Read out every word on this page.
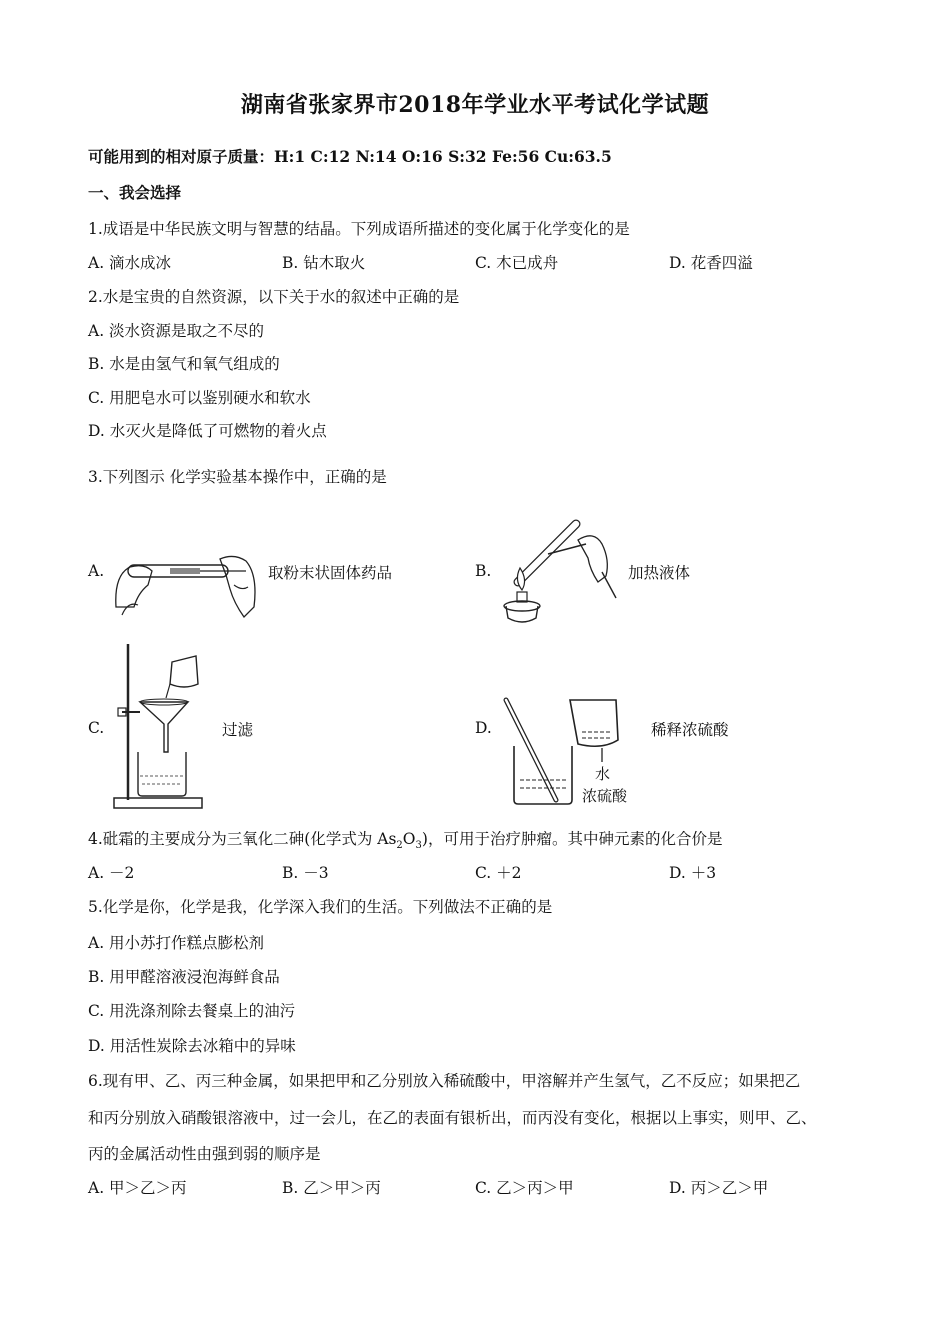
湖南省张家界市2018年学业水平考试化学试题
可能用到的相对原子质量：H:1 C:12 N:14 O:16 S:32 Fe:56 Cu:63.5
一、我会选择
1.成语是中华民族文明与智慧的结晶。下列成语所描述的变化属于化学变化的是
A. 滴水成冰	B. 钻木取火	C. 木已成舟	D. 花香四溢
2.水是宝贵的自然资源，以下关于水的叙述中正确的是
A. 淡水资源是取之不尽的
B. 水是由氢气和氧气组成的
C. 用肥皂水可以鉴别硬水和软水
D. 水灭火是降低了可燃物的着火点
3.下列图示 化学实验基本操作中，正确的是
A.	取粉末状固体药品	B.	加热液体
C.	过滤	D.	稀释浓硫酸
水
浓硫酸
4.砒霜的主要成分为三氧化二砷(化学式为 $As_2O_3$)，可用于治疗肿瘤。其中砷元素的化合价是
A. －2	B. －3	C. ＋2	D. ＋3
5.化学是你，化学是我，化学深入我们的生活。下列做法不正确的是
A. 用小苏打作糕点膨松剂
B. 用甲醛溶液浸泡海鲜食品
C. 用洗涤剂除去餐桌上的油污
D. 用活性炭除去冰箱中的异味
6.现有甲、乙、丙三种金属，如果把甲和乙分别放入稀硫酸中，甲溶解并产生氢气，乙不反应；如果把乙
和丙分别放入硝酸银溶液中，过一会儿，在乙的表面有银析出，而丙没有变化，根据以上事实，则甲、乙、
丙的金属活动性由强到弱的顺序是
A. 甲＞乙＞丙	B. 乙＞甲＞丙	C. 乙＞丙＞甲	D. 丙＞乙＞甲
